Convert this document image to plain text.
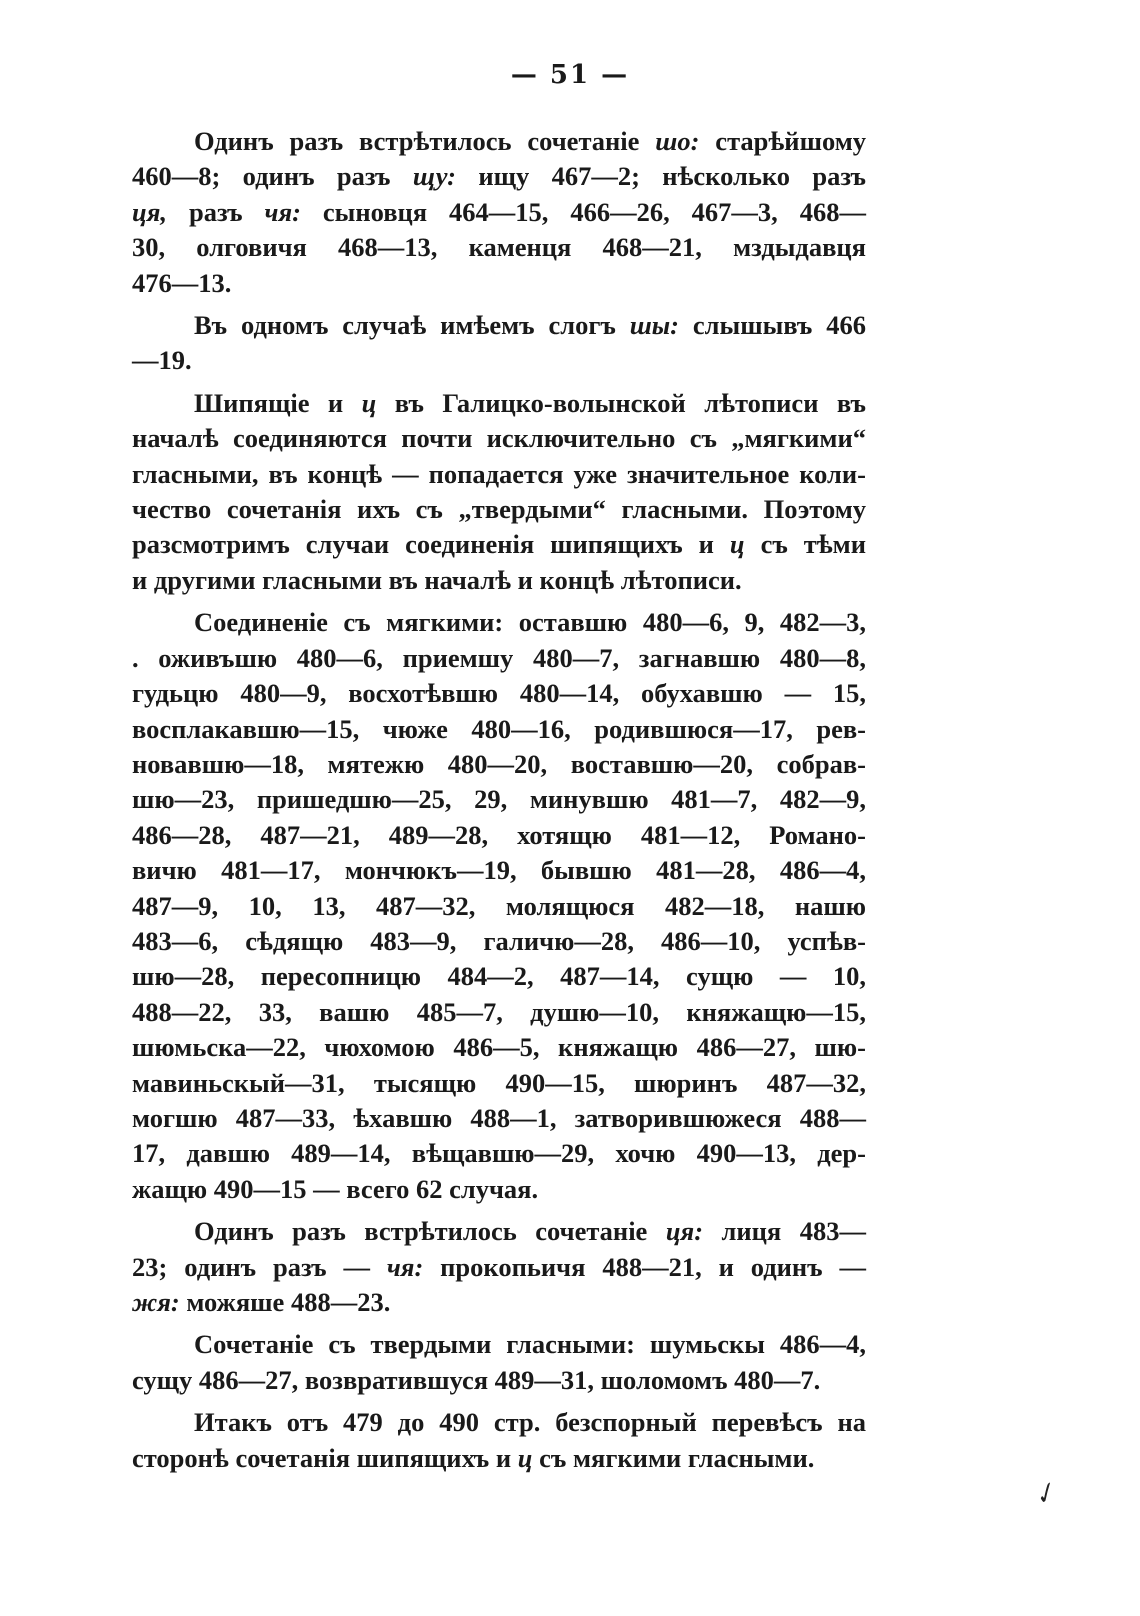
— 51 —
Одинъ разъ встрѣтилось сочетаніе шо: старѣйшому
460—8; одинъ разъ щу: ищу 467—2; нѣсколько разъ
ця, разъ чя: сыновця 464—15, 466—26, 467—3, 468—
30, олговичя 468—13, каменця 468—21, мздыдавця
476—13.
Въ одномъ случаѣ имѣемъ слогъ шы: слышывъ 466
—19.
Шипящіе и ц въ Галицко-волынской лѣтописи въ
началѣ соединяются почти исключительно съ „мягкими“
гласными, въ концѣ — попадается уже значительное коли-
чество сочетанія ихъ съ „твердыми“ гласными. Поэтому
разсмотримъ случаи соединенія шипящихъ и ц съ тѣми
и другими гласными въ началѣ и концѣ лѣтописи.
Соединеніе съ мягкими: оставшю 480—6, 9, 482—3,
. оживъшю 480—6, приемшу 480—7, загнавшю 480—8,
гудьцю 480—9, восхотѣвшю 480—14, обухавшю — 15,
восплакавшю—15, чюже 480—16, родившюся—17, рев-
новавшю—18, мятежю 480—20, воставшю—20, собрав-
шю—23, пришедшю—25, 29, минувшю 481—7, 482—9,
486—28, 487—21, 489—28, хотящю 481—12, Романо-
вичю 481—17, мончюкъ—19, бывшю 481—28, 486—4,
487—9, 10, 13, 487—32, молящюся 482—18, нашю
483—6, сѣдящю 483—9, галичю—28, 486—10, успѣв-
шю—28, пересопницю 484—2, 487—14, сущю — 10,
488—22, 33, вашю 485—7, душю—10, княжащю—15,
шюмьска—22, чюхомою 486—5, княжащю 486—27, шю-
мавиньскый—31, тысящю 490—15, шюринъ 487—32,
могшю 487—33, ѣхавшю 488—1, затворившюжеся 488—
17, давшю 489—14, вѣщавшю—29, хочю 490—13, дер-
жащю 490—15 — всего 62 случая.
Одинъ разъ встрѣтилось сочетаніе ця: лиця 483—
23; одинъ разъ — чя: прокопьичя 488—21, и одинъ —
жя: можяше 488—23.
Сочетаніе съ твердыми гласными: шумьскы 486—4,
сущу 486—27, возвратившуся 489—31, шоломомъ 480—7.
Итакъ отъ 479 до 490 стр. безспорный перевѣсъ на
сторонѣ сочетанія шипящихъ и ц съ мягкими гласными.
✓
